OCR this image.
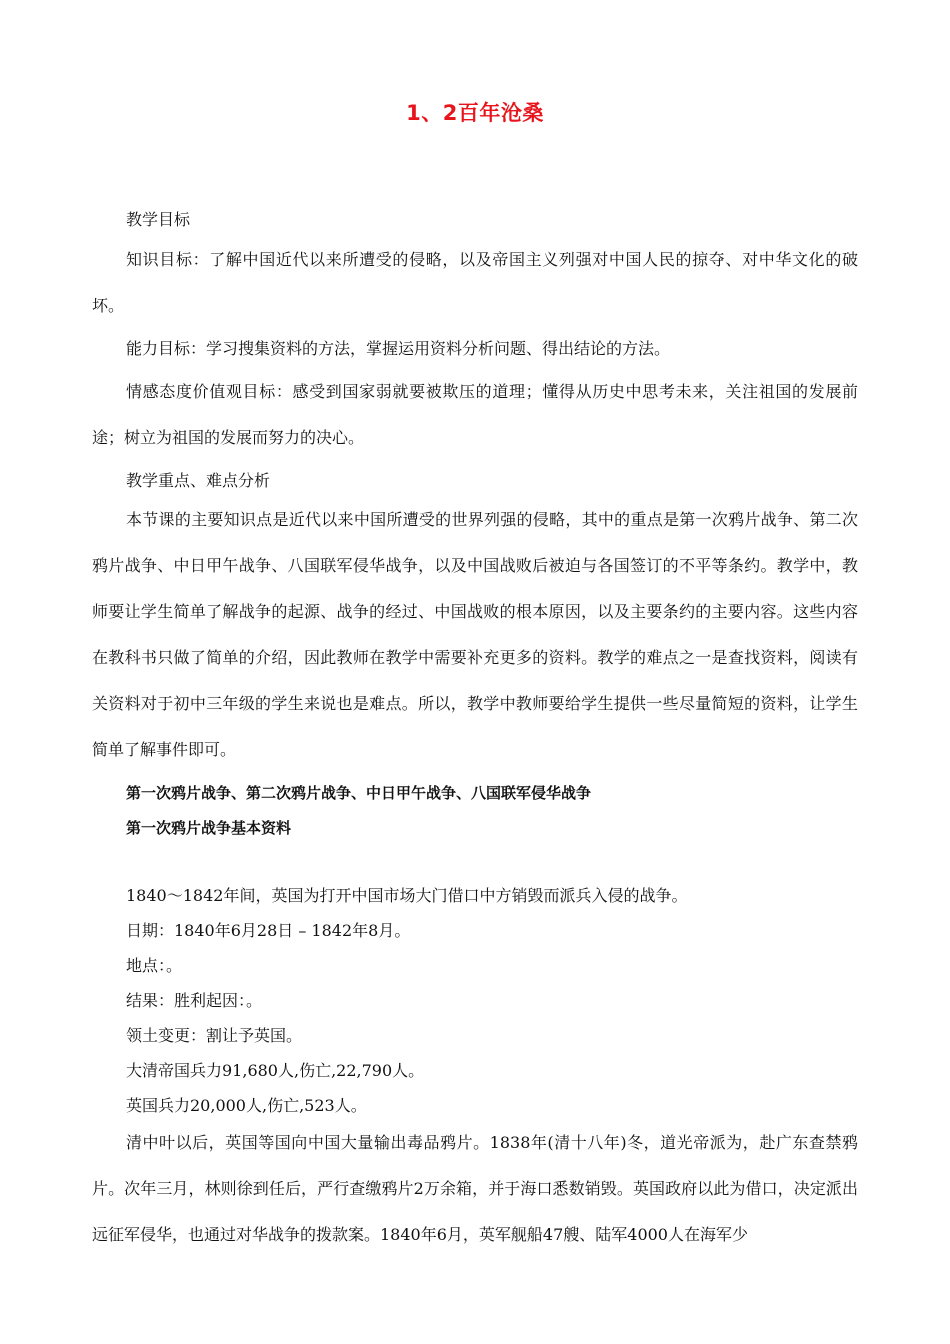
1、2百年沧桑

教学目标

知识目标：了解中国近代以来所遭受的侵略，以及帝国主义列强对中国人民的掠夺、对中华文化的破坏。

能力目标：学习搜集资料的方法，掌握运用资料分析问题、得出结论的方法。

情感态度价值观目标：感受到国家弱就要被欺压的道理；懂得从历史中思考未来，关注祖国的发展前途；树立为祖国的发展而努力的决心。

教学重点、难点分析

本节课的主要知识点是近代以来中国所遭受的世界列强的侵略，其中的重点是第一次鸦片战争、第二次鸦片战争、中日甲午战争、八国联军侵华战争，以及中国战败后被迫与各国签订的不平等条约。教学中，教师要让学生简单了解战争的起源、战争的经过、中国战败的根本原因，以及主要条约的主要内容。这些内容在教科书只做了简单的介绍，因此教师在教学中需要补充更多的资料。教学的难点之一是查找资料，阅读有关资料对于初中三年级的学生来说也是难点。所以，教学中教师要给学生提供一些尽量简短的资料，让学生简单了解事件即可。

第一次鸦片战争、第二次鸦片战争、中日甲午战争、八国联军侵华战争

第一次鸦片战争基本资料

1840～1842年间，英国为打开中国市场大门借口中方销毁而派兵入侵的战争。

日期：1840年6月28日 – 1842年8月。

地点：。

结果：胜利起因：。

领土变更：割让予英国。

大清帝国兵力91,680人,伤亡,22,790人。

英国兵力20,000人,伤亡,523人。

清中叶以后，英国等国向中国大量输出毒品鸦片。1838年(清十八年)冬，道光帝派为，赴广东查禁鸦片。次年三月，林则徐到任后，严行查缴鸦片2万余箱，并于海口悉数销毁。英国政府以此为借口，决定派出远征军侵华，也通过对华战争的拨款案。1840年6月，英军舰船47艘、陆军4000人在海军少
